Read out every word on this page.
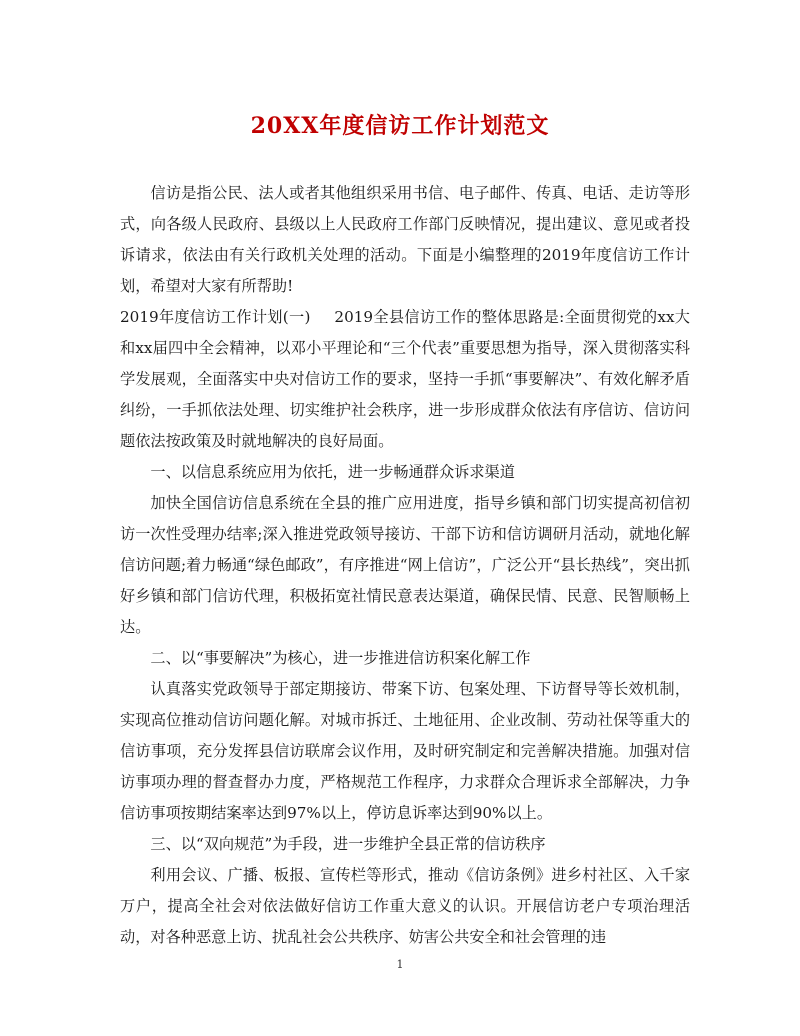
20XX年度信访工作计划范文

信访是指公民、法人或者其他组织采用书信、电子邮件、传真、电话、走访等形式，向各级人民政府、县级以上人民政府工作部门反映情况，提出建议、意见或者投诉请求，依法由有关行政机关处理的活动。下面是小编整理的2019年度信访工作计划，希望对大家有所帮助!

2019年度信访工作计划(一) 2019全县信访工作的整体思路是:全面贯彻党的xx大和xx届四中全会精神，以邓小平理论和“三个代表”重要思想为指导，深入贯彻落实科学发展观，全面落实中央对信访工作的要求，坚持一手抓“事要解决”、有效化解矛盾纠纷，一手抓依法处理、切实维护社会秩序，进一步形成群众依法有序信访、信访问题依法按政策及时就地解决的良好局面。

一、以信息系统应用为依托，进一步畅通群众诉求渠道

加快全国信访信息系统在全县的推广应用进度，指导乡镇和部门切实提高初信初访一次性受理办结率;深入推进党政领导接访、干部下访和信访调研月活动，就地化解信访问题;着力畅通“绿色邮政”，有序推进“网上信访”，广泛公开“县长热线”，突出抓好乡镇和部门信访代理，积极拓宽社情民意表达渠道，确保民情、民意、民智顺畅上达。

二、以“事要解决”为核心，进一步推进信访积案化解工作

认真落实党政领导于部定期接访、带案下访、包案处理、下访督导等长效机制，实现高位推动信访问题化解。对城市拆迁、土地征用、企业改制、劳动社保等重大的信访事项，充分发挥县信访联席会议作用，及时研究制定和完善解决措施。加强对信访事项办理的督查督办力度，严格规范工作程序，力求群众合理诉求全部解决，力争信访事项按期结案率达到97%以上，停访息诉率达到90%以上。

三、以“双向规范”为手段，进一步维护全县正常的信访秩序

利用会议、广播、板报、宣传栏等形式，推动《信访条例》进乡村社区、入千家万户，提高全社会对依法做好信访工作重大意义的认识。开展信访老户专项治理活动，对各种恶意上访、扰乱社会公共秩序、妨害公共安全和社会管理的违

1
